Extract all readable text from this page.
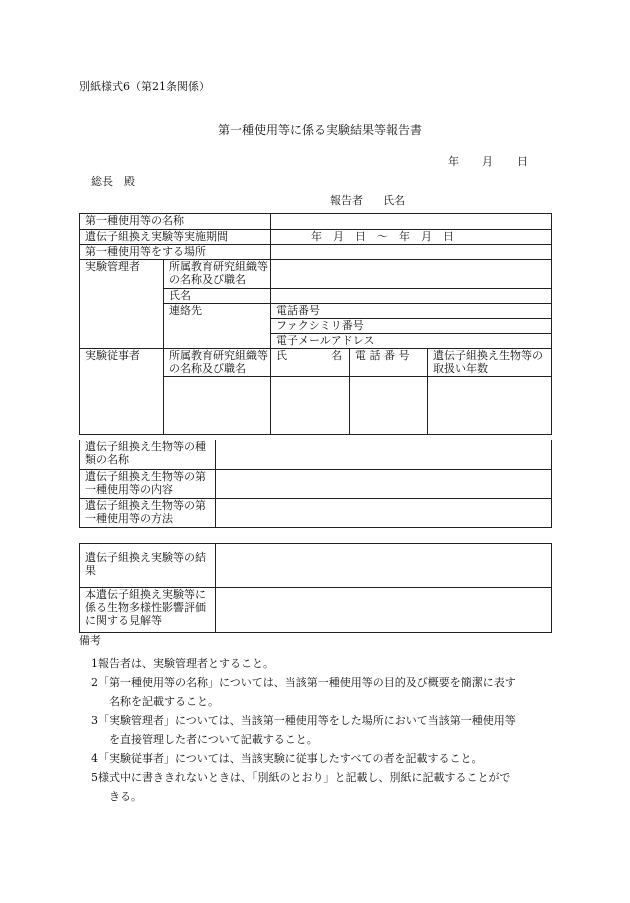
別紙様式6（第21条関係）
第一種使用等に係る実験結果等報告書
年 月 日
総長　殿
報告者 氏名
第一種使用等の名称				
遺伝子組換え実験等実施期間		年　月　日　～　年　月　日		
第一種使用等をする場所				
実験管理者	所属教育研究組織等の名称及び職名			
	氏名			
	連絡先	電話番号		
		ファクシミリ番号		
		電子メールアドレス		
実験従事者	所属教育研究組織等の名称及び職名	氏　　　　名	電 話 番 号	遺伝子組換え生物等の取扱い年数

遺伝子組換え生物等の種類の名称	
遺伝子組換え生物等の第一種使用等の内容	
遺伝子組換え生物等の第一種使用等の方法	
遺伝子組換え実験等の結果	
本遺伝子組換え実験等に係る生物多様性影響評価に関する見解等	
備考
1報告者は、実験管理者とすること。
2「第一種使用等の名称」については、当該第一種使用等の目的及び概要を簡潔に表す
名称を記載すること。
3「実験管理者」については、当該第一種使用等をした場所において当該第一種使用等
を直接管理した者について記載すること。
4「実験従事者」については、当該実験に従事したすべての者を記載すること。
5様式中に書ききれないときは、「別紙のとおり」と記載し、別紙に記載することがで
きる。
